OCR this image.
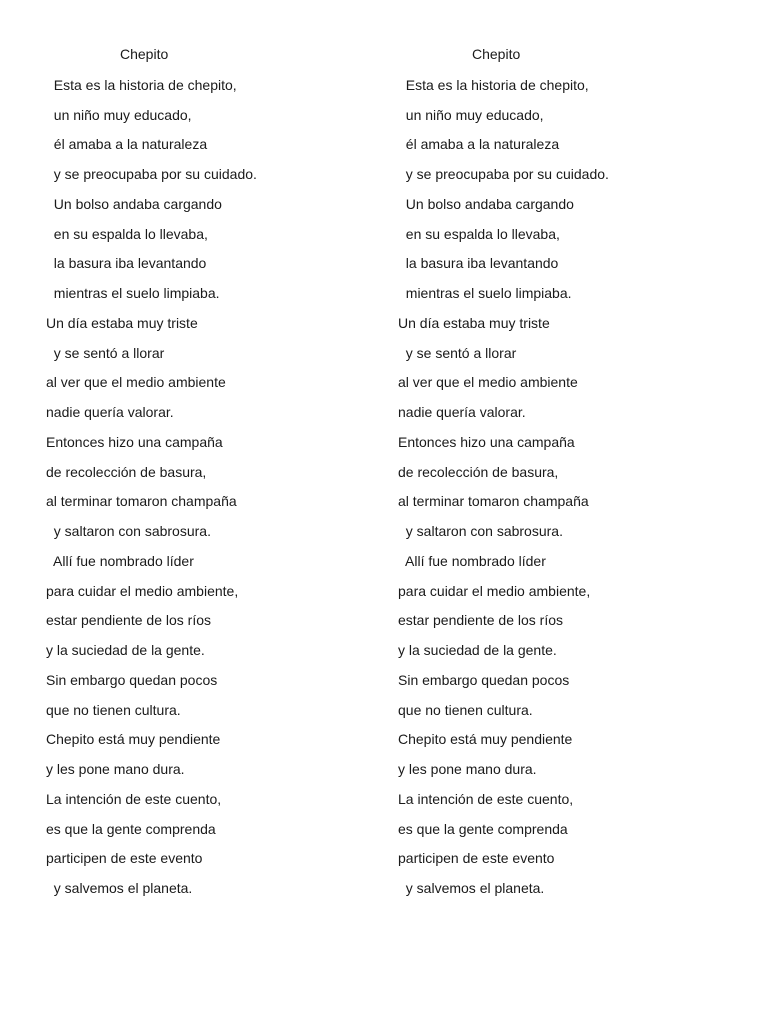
Chepito
Esta es la historia de chepito,
un niño muy educado,
él amaba a la naturaleza
y se preocupaba por su cuidado.
Un bolso andaba cargando
en su espalda lo llevaba,
la basura iba levantando
mientras el suelo limpiaba.
Un día estaba muy triste
y se sentó a llorar
al ver que el medio ambiente
nadie quería valorar.
Entonces hizo una campaña
de recolección de basura,
al terminar tomaron champaña
y saltaron con sabrosura.
Allí fue nombrado líder
para cuidar el medio ambiente,
estar pendiente de los ríos
y la suciedad de la gente.
Sin embargo quedan pocos
que no tienen cultura.
Chepito está muy pendiente
y les pone mano dura.
La intención de este cuento,
es que la gente comprenda
participen de este evento
y salvemos el planeta.
Chepito
Esta es la historia de chepito,
un niño muy educado,
él amaba a la naturaleza
y se preocupaba por su cuidado.
Un bolso andaba cargando
en su espalda lo llevaba,
la basura iba levantando
mientras el suelo limpiaba.
Un día estaba muy triste
y se sentó a llorar
al ver que el medio ambiente
nadie quería valorar.
Entonces hizo una campaña
de recolección de basura,
al terminar tomaron champaña
y saltaron con sabrosura.
Allí fue nombrado líder
para cuidar el medio ambiente,
estar pendiente de los ríos
y la suciedad de la gente.
Sin embargo quedan pocos
que no tienen cultura.
Chepito está muy pendiente
y les pone mano dura.
La intención de este cuento,
es que la gente comprenda
participen de este evento
y salvemos el planeta.
